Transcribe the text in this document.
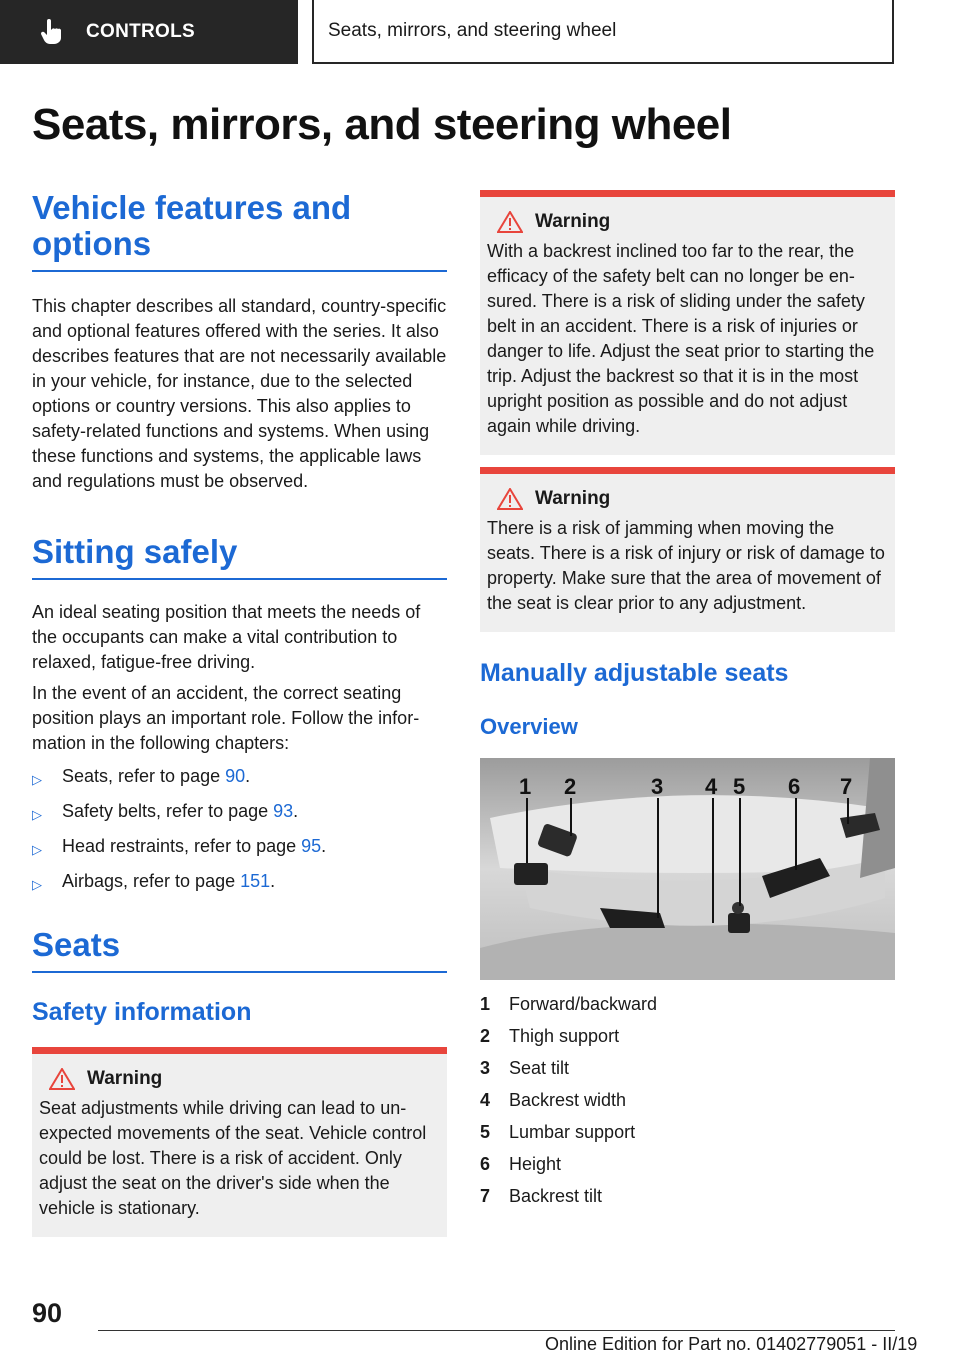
CONTROLS	Seats, mirrors, and steering wheel
Seats, mirrors, and steering wheel
Vehicle features and options

This chapter describes all standard, country-specific and optional features offered with the series. It also describes features that are not necessarily available in your vehicle, for instance, due to the selected options or country versions. This also applies to safety-related functions and systems. When using these functions and systems, the applicable laws and regulations must be observed.

Sitting safely

An ideal seating position that meets the needs of the occupants can make a vital contribution to relaxed, fatigue-free driving.

In the event of an accident, the correct seating position plays an important role. Follow the information in the following chapters:

▷	Seats, refer to page 90.
▷	Safety belts, refer to page 93.
▷	Head restraints, refer to page 95.
▷	Airbags, refer to page 151.
Seats
Safety information
Warning

Seat adjustments while driving can lead to unexpected movements of the seat. Vehicle control could be lost. There is a risk of accident. Only adjust the seat on the driver's side when the vehicle is stationary.

Warning

With a backrest inclined too far to the rear, the efficacy of the safety belt can no longer be ensured. There is a risk of sliding under the safety belt in an accident. There is a risk of injuries or danger to life. Adjust the seat prior to starting the trip. Adjust the backrest so that it is in the most upright position as possible and do not adjust again while driving.

Warning

There is a risk of jamming when moving the seats. There is a risk of injury or risk of damage to property. Make sure that the area of movement of the seat is clear prior to any adjustment.

Manually adjustable seats
Overview
1 2	3 4 5 6 7
1	Forward/backward
2	Thigh support
3	Seat tilt
4	Backrest width
5	Lumbar support
6	Height
7	Backrest tilt
90
Online Edition for Part no. 01402779051 - II/19
